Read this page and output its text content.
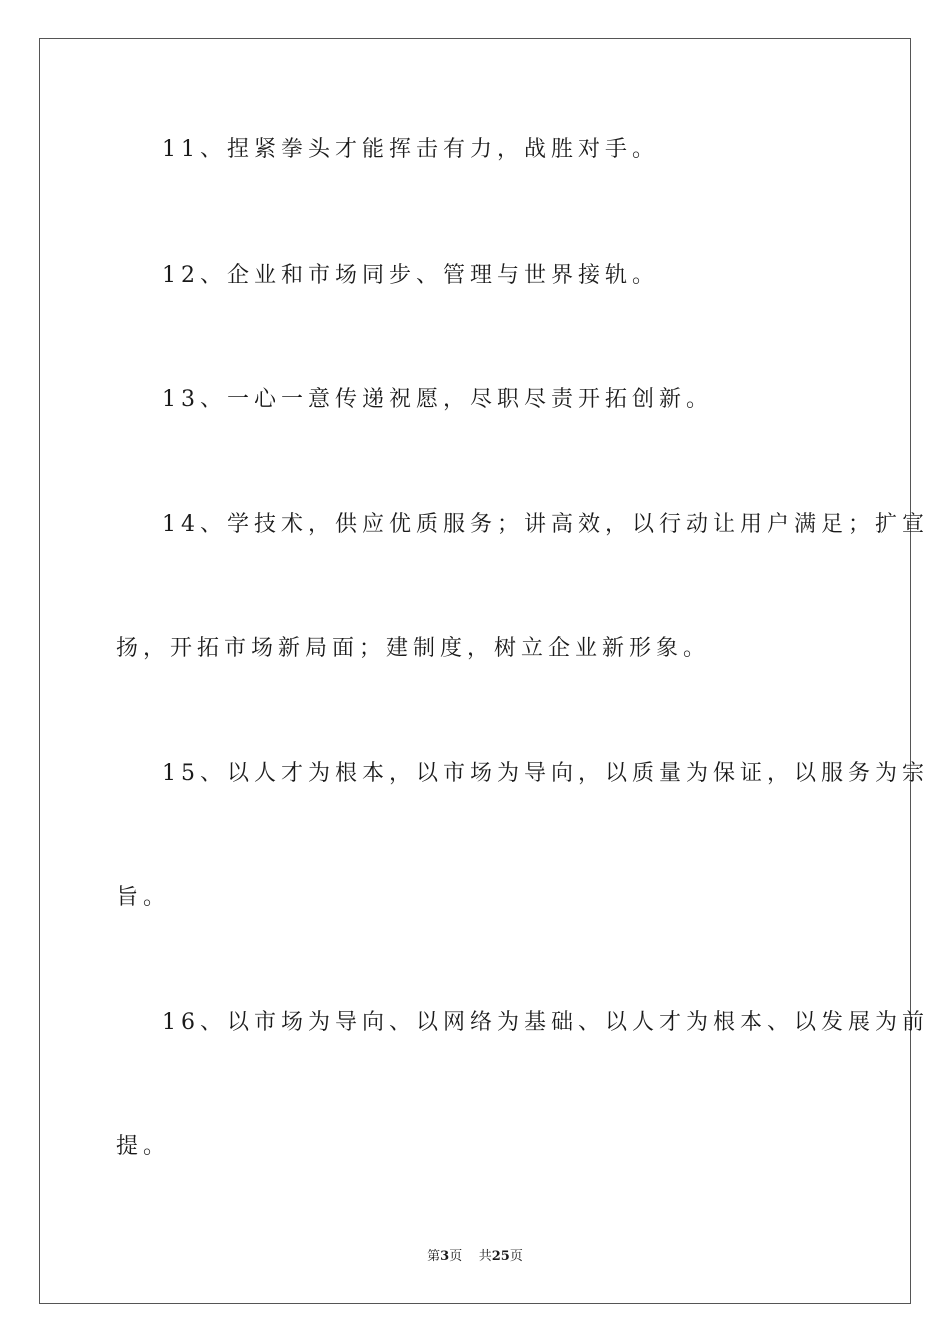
11、捏紧拳头才能挥击有力，战胜对手。
12、企业和市场同步、管理与世界接轨。
13、一心一意传递祝愿，尽职尽责开拓创新。
14、学技术，供应优质服务；讲高效，以行动让用户满足；扩宣
扬，开拓市场新局面；建制度，树立企业新形象。
15、以人才为根本，以市场为导向，以质量为保证，以服务为宗
旨。
16、以市场为导向、以网络为基础、以人才为根本、以发展为前
提。
第3页 共25页
